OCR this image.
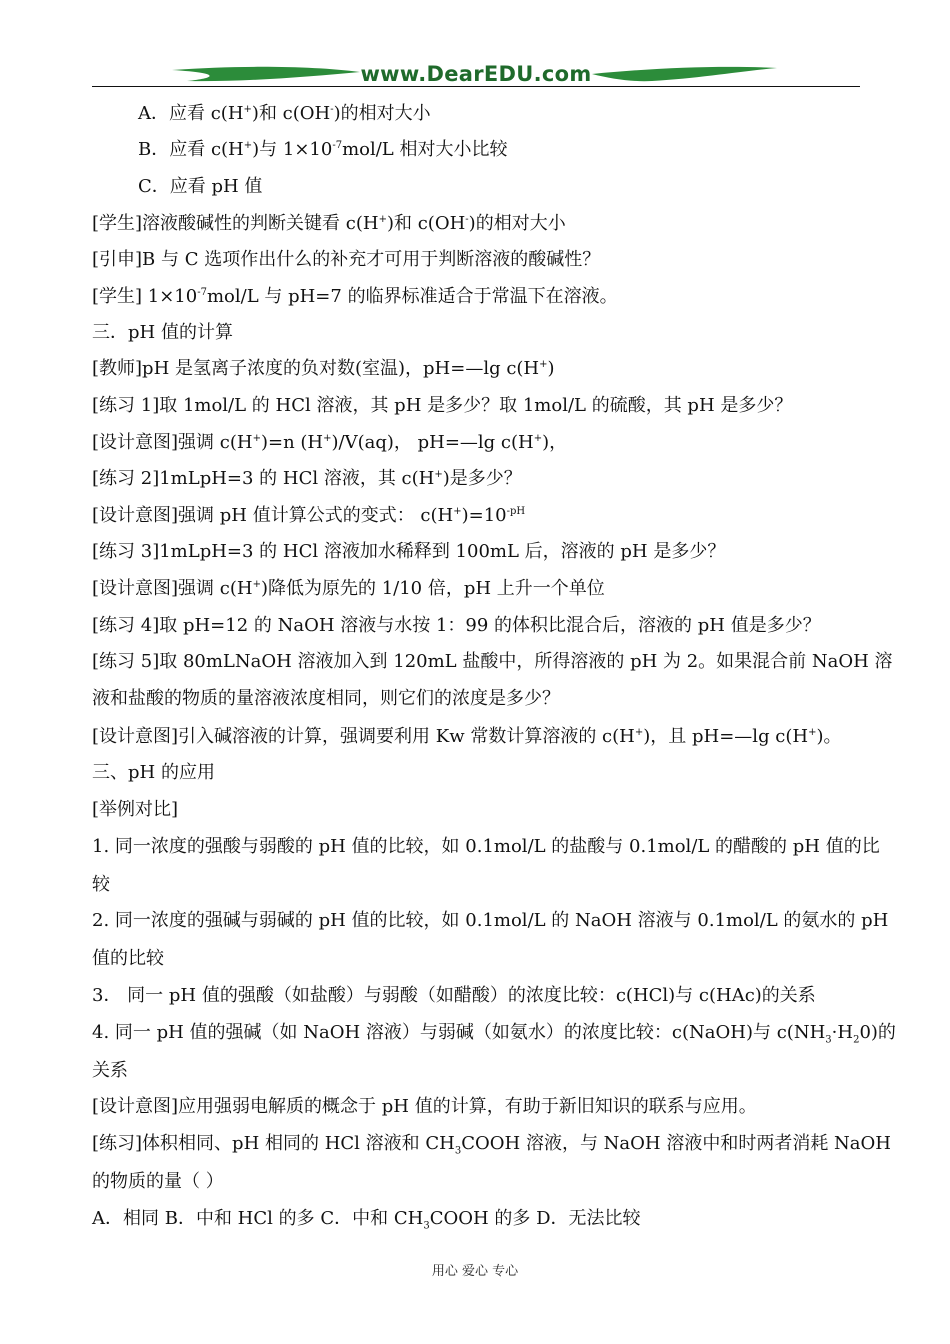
www.DearEDU.com
A．应看 c(H+)和 c(OH-)的相对大小
B．应看 c(H+)与 $1\times 10^{-7}mol/L$ 相对大小比较
C．应看 pH 值
[学生]溶液酸碱性的判断关键看 c(H+)和 c(OH-)的相对大小
[引申]B 与 C 选项作出什么的补充才可用于判断溶液的酸碱性？
[学生] $1\times 10^{-7}mol/L$ 与 pH=7 的临界标准适合于常温下在溶液。
三．pH 值的计算
[教师]pH 是氢离子浓度的负对数(室温)，pH=—lg c(H+)
[练习 1]取 1mol/L 的 HCl 溶液，其 pH 是多少？取 1mol/L 的硫酸，其 pH 是多少？
[设计意图]强调 c(H+)=n (H+)/V(aq)， pH=—lg c(H+)，
[练习 2]1mLpH=3 的 HCl 溶液，其 c(H+)是多少？
[设计意图]强调 pH 值计算公式的变式： $c(H^+)=10^{-pH}$
[练习 3]1mLpH=3 的 HCl 溶液加水稀释到 100mL 后，溶液的 pH 是多少？
[设计意图]强调 c(H+)降低为原先的 1/10 倍，pH 上升一个单位
[练习 4]取 pH=12 的 NaOH 溶液与水按 1：99 的体积比混合后，溶液的 pH 值是多少？
[练习 5]取 80mLNaOH 溶液加入到 120mL 盐酸中，所得溶液的 pH 为 2。如果混合前 NaOH 溶
液和盐酸的物质的量溶液浓度相同，则它们的浓度是多少？
[设计意图]引入碱溶液的计算，强调要利用 Kw 常数计算溶液的 c(H+)，且 pH=—lg c(H+)。
三、pH 的应用
[举例对比]
1. 同一浓度的强酸与弱酸的 pH 值的比较，如 0.1mol/L 的盐酸与 0.1mol/L 的醋酸的 pH 值的比
较
2. 同一浓度的强碱与弱碱的 pH 值的比较，如 0.1mol/L 的 NaOH 溶液与 0.1mol/L 的氨水的 pH
值的比较
3． 同一 pH 值的强酸（如盐酸）与弱酸（如醋酸）的浓度比较：c(HCl)与 c(HAc)的关系
4. 同一 pH 值的强碱（如 NaOH 溶液）与弱碱（如氨水）的浓度比较：c(NaOH)与 $c(NH_3\cdot H_20)$的
关系
[设计意图]应用强弱电解质的概念于 pH 值的计算，有助于新旧知识的联系与应用。
[练习]体积相同、pH 相同的 HCl 溶液和 $CH_3COOH$ 溶液，与 NaOH 溶液中和时两者消耗 NaOH
的物质的量（ ）
A．相同 B．中和 HCl 的多 C．中和 $CH_3COOH$ 的多 D．无法比较
用心 爱心 专心
